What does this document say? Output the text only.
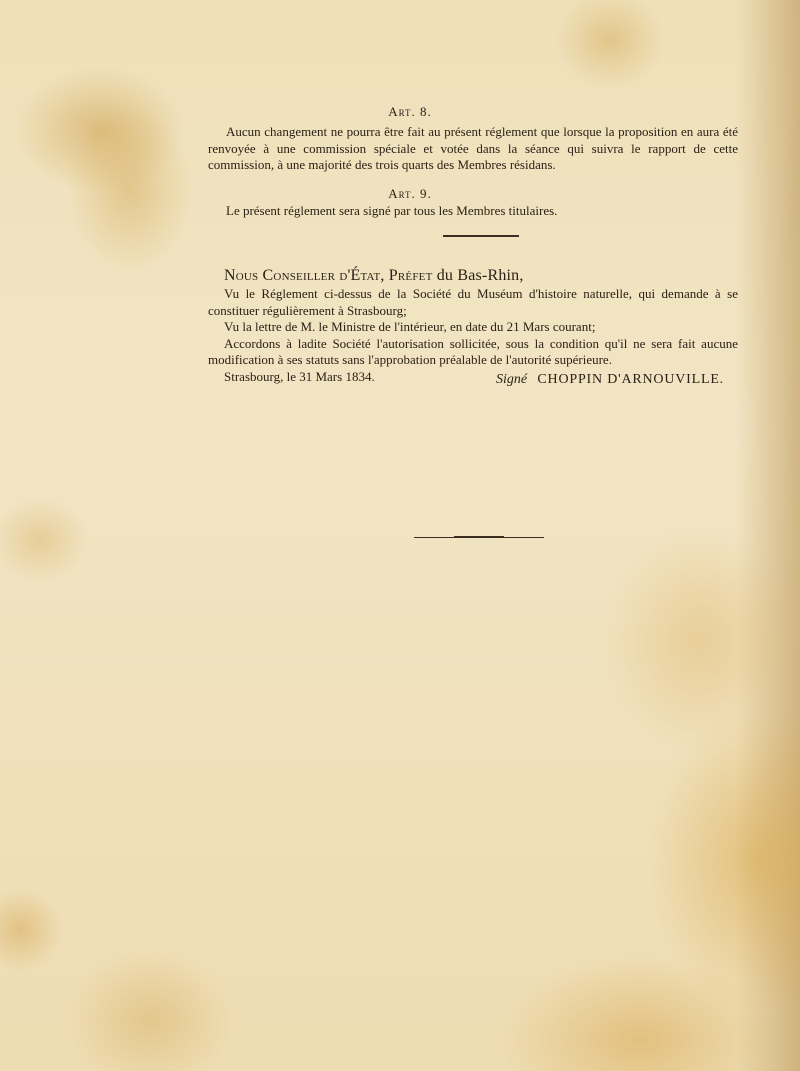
Art. 8.
Aucun changement ne pourra être fait au présent réglement que lorsque la proposition en aura été renvoyée à une commission spéciale et votée dans la séance qui suivra le rapport de cette commission, à une majorité des trois quarts des Membres résidans.
Art. 9.
Le présent réglement sera signé par tous les Membres titulaires.
Nous Conseiller d'État, Préfet du Bas-Rhin,

Vu le Réglement ci-dessus de la Société du Muséum d'histoire naturelle, qui demande à se constituer régulièrement à Strasbourg;

Vu la lettre de M. le Ministre de l'intérieur, en date du 21 Mars courant;

Accordons à ladite Société l'autorisation sollicitée, sous la condition qu'il ne sera fait aucune modification à ses statuts sans l'approbation préalable de l'autorité supérieure.

Strasbourg, le 31 Mars 1834.	Signé CHOPPIN D'ARNOUVILLE.
